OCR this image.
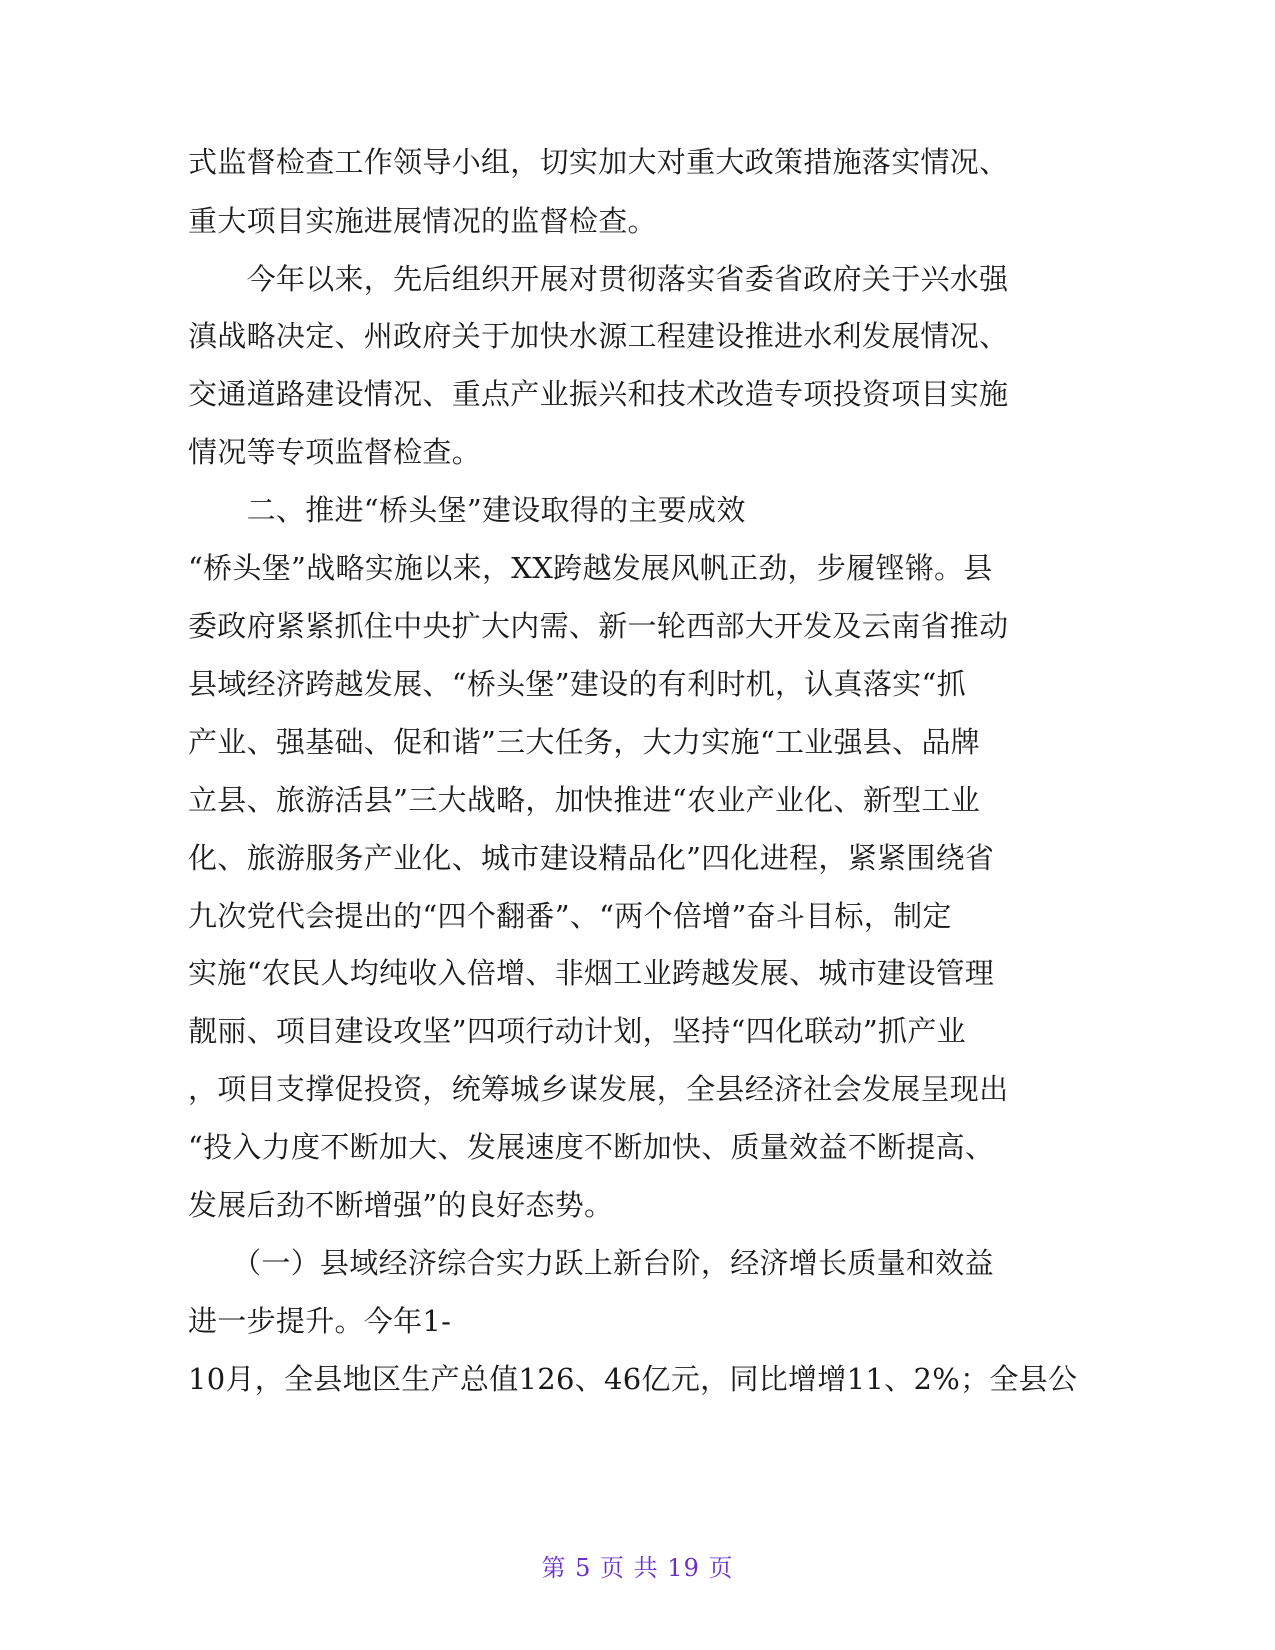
式监督检查工作领导小组，切实加大对重大政策措施落实情况、
重大项目实施进展情况的监督检查。
　　今年以来，先后组织开展对贯彻落实省委省政府关于兴水强
滇战略决定、州政府关于加快水源工程建设推进水利发展情况、
交通道路建设情况、重点产业振兴和技术改造专项投资项目实施
情况等专项监督检查。
　　二、推进“桥头堡”建设取得的主要成效
“桥头堡”战略实施以来，XX跨越发展风帆正劲，步履铿锵。县
委政府紧紧抓住中央扩大内需、新一轮西部大开发及云南省推动
县域经济跨越发展、“桥头堡”建设的有利时机，认真落实“抓
产业、强基础、促和谐”三大任务，大力实施“工业强县、品牌
立县、旅游活县”三大战略，加快推进“农业产业化、新型工业
化、旅游服务产业化、城市建设精品化”四化进程，紧紧围绕省
九次党代会提出的“四个翻番”、“两个倍增”奋斗目标，制定
实施“农民人均纯收入倍增、非烟工业跨越发展、城市建设管理
靓丽、项目建设攻坚”四项行动计划，坚持“四化联动”抓产业
，项目支撑促投资，统筹城乡谋发展，全县经济社会发展呈现出
“投入力度不断加大、发展速度不断加快、质量效益不断提高、
发展后劲不断增强”的良好态势。
　　（一）县域经济综合实力跃上新台阶，经济增长质量和效益
进一步提升。今年1-
10月，全县地区生产总值126、46亿元，同比增增11、2%；全县公
第 5 页 共 19 页
